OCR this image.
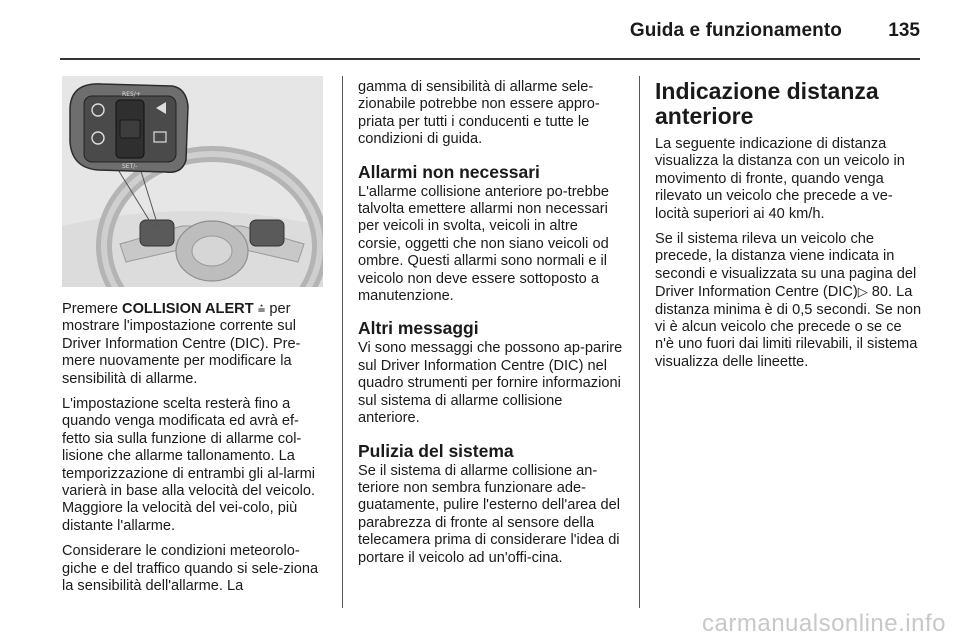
Guida e funzionamento 135
RES/+
SET/-

Premere COLLISION ALERT ⩮ per mostrare l'impostazione corrente sul Driver Information Centre (DIC). Pre-mere nuovamente per modificare la sensibilità di allarme.

L'impostazione scelta resterà fino a quando venga modificata ed avrà ef-fetto sia sulla funzione di allarme col-lisione che allarme tallonamento. La temporizzazione di entrambi gli al-larmi varierà in base alla velocità del veicolo. Maggiore la velocità del vei-colo, più distante l'allarme.

Considerare le condizioni meteorolo-giche e del traffico quando si sele-ziona la sensibilità dell'allarme. La

gamma di sensibilità di allarme sele-zionabile potrebbe non essere appro-priata per tutti i conducenti e tutte le condizioni di guida.

Allarmi non necessari

L'allarme collisione anteriore po-trebbe talvolta emettere allarmi non necessari per veicoli in svolta, veicoli in altre corsie, oggetti che non siano veicoli od ombre. Questi allarmi sono normali e il veicolo non deve essere sottoposto a manutenzione.

Altri messaggi

Vi sono messaggi che possono ap-parire sul Driver Information Centre (DIC) nel quadro strumenti per fornire informazioni sul sistema di allarme collisione anteriore.

Pulizia del sistema

Se il sistema di allarme collisione an-teriore non sembra funzionare ade-guatamente, pulire l'esterno dell'area del parabrezza di fronte al sensore della telecamera prima di considerare l'idea di portare il veicolo ad un'offi-cina.

Indicazione distanza anteriore

La seguente indicazione di distanza visualizza la distanza con un veicolo in movimento di fronte, quando venga rilevato un veicolo che precede a ve-locità superiori ai 40 km/h.

Se il sistema rileva un veicolo che precede, la distanza viene indicata in secondi e visualizzata su una pagina del Driver Information Centre (DIC)▷ 80. La distanza minima è di 0,5 secondi. Se non vi è alcun veicolo che precede o se ce n'è uno fuori dai limiti rilevabili, il sistema visualizza delle lineette.

carmanualsonline.info
